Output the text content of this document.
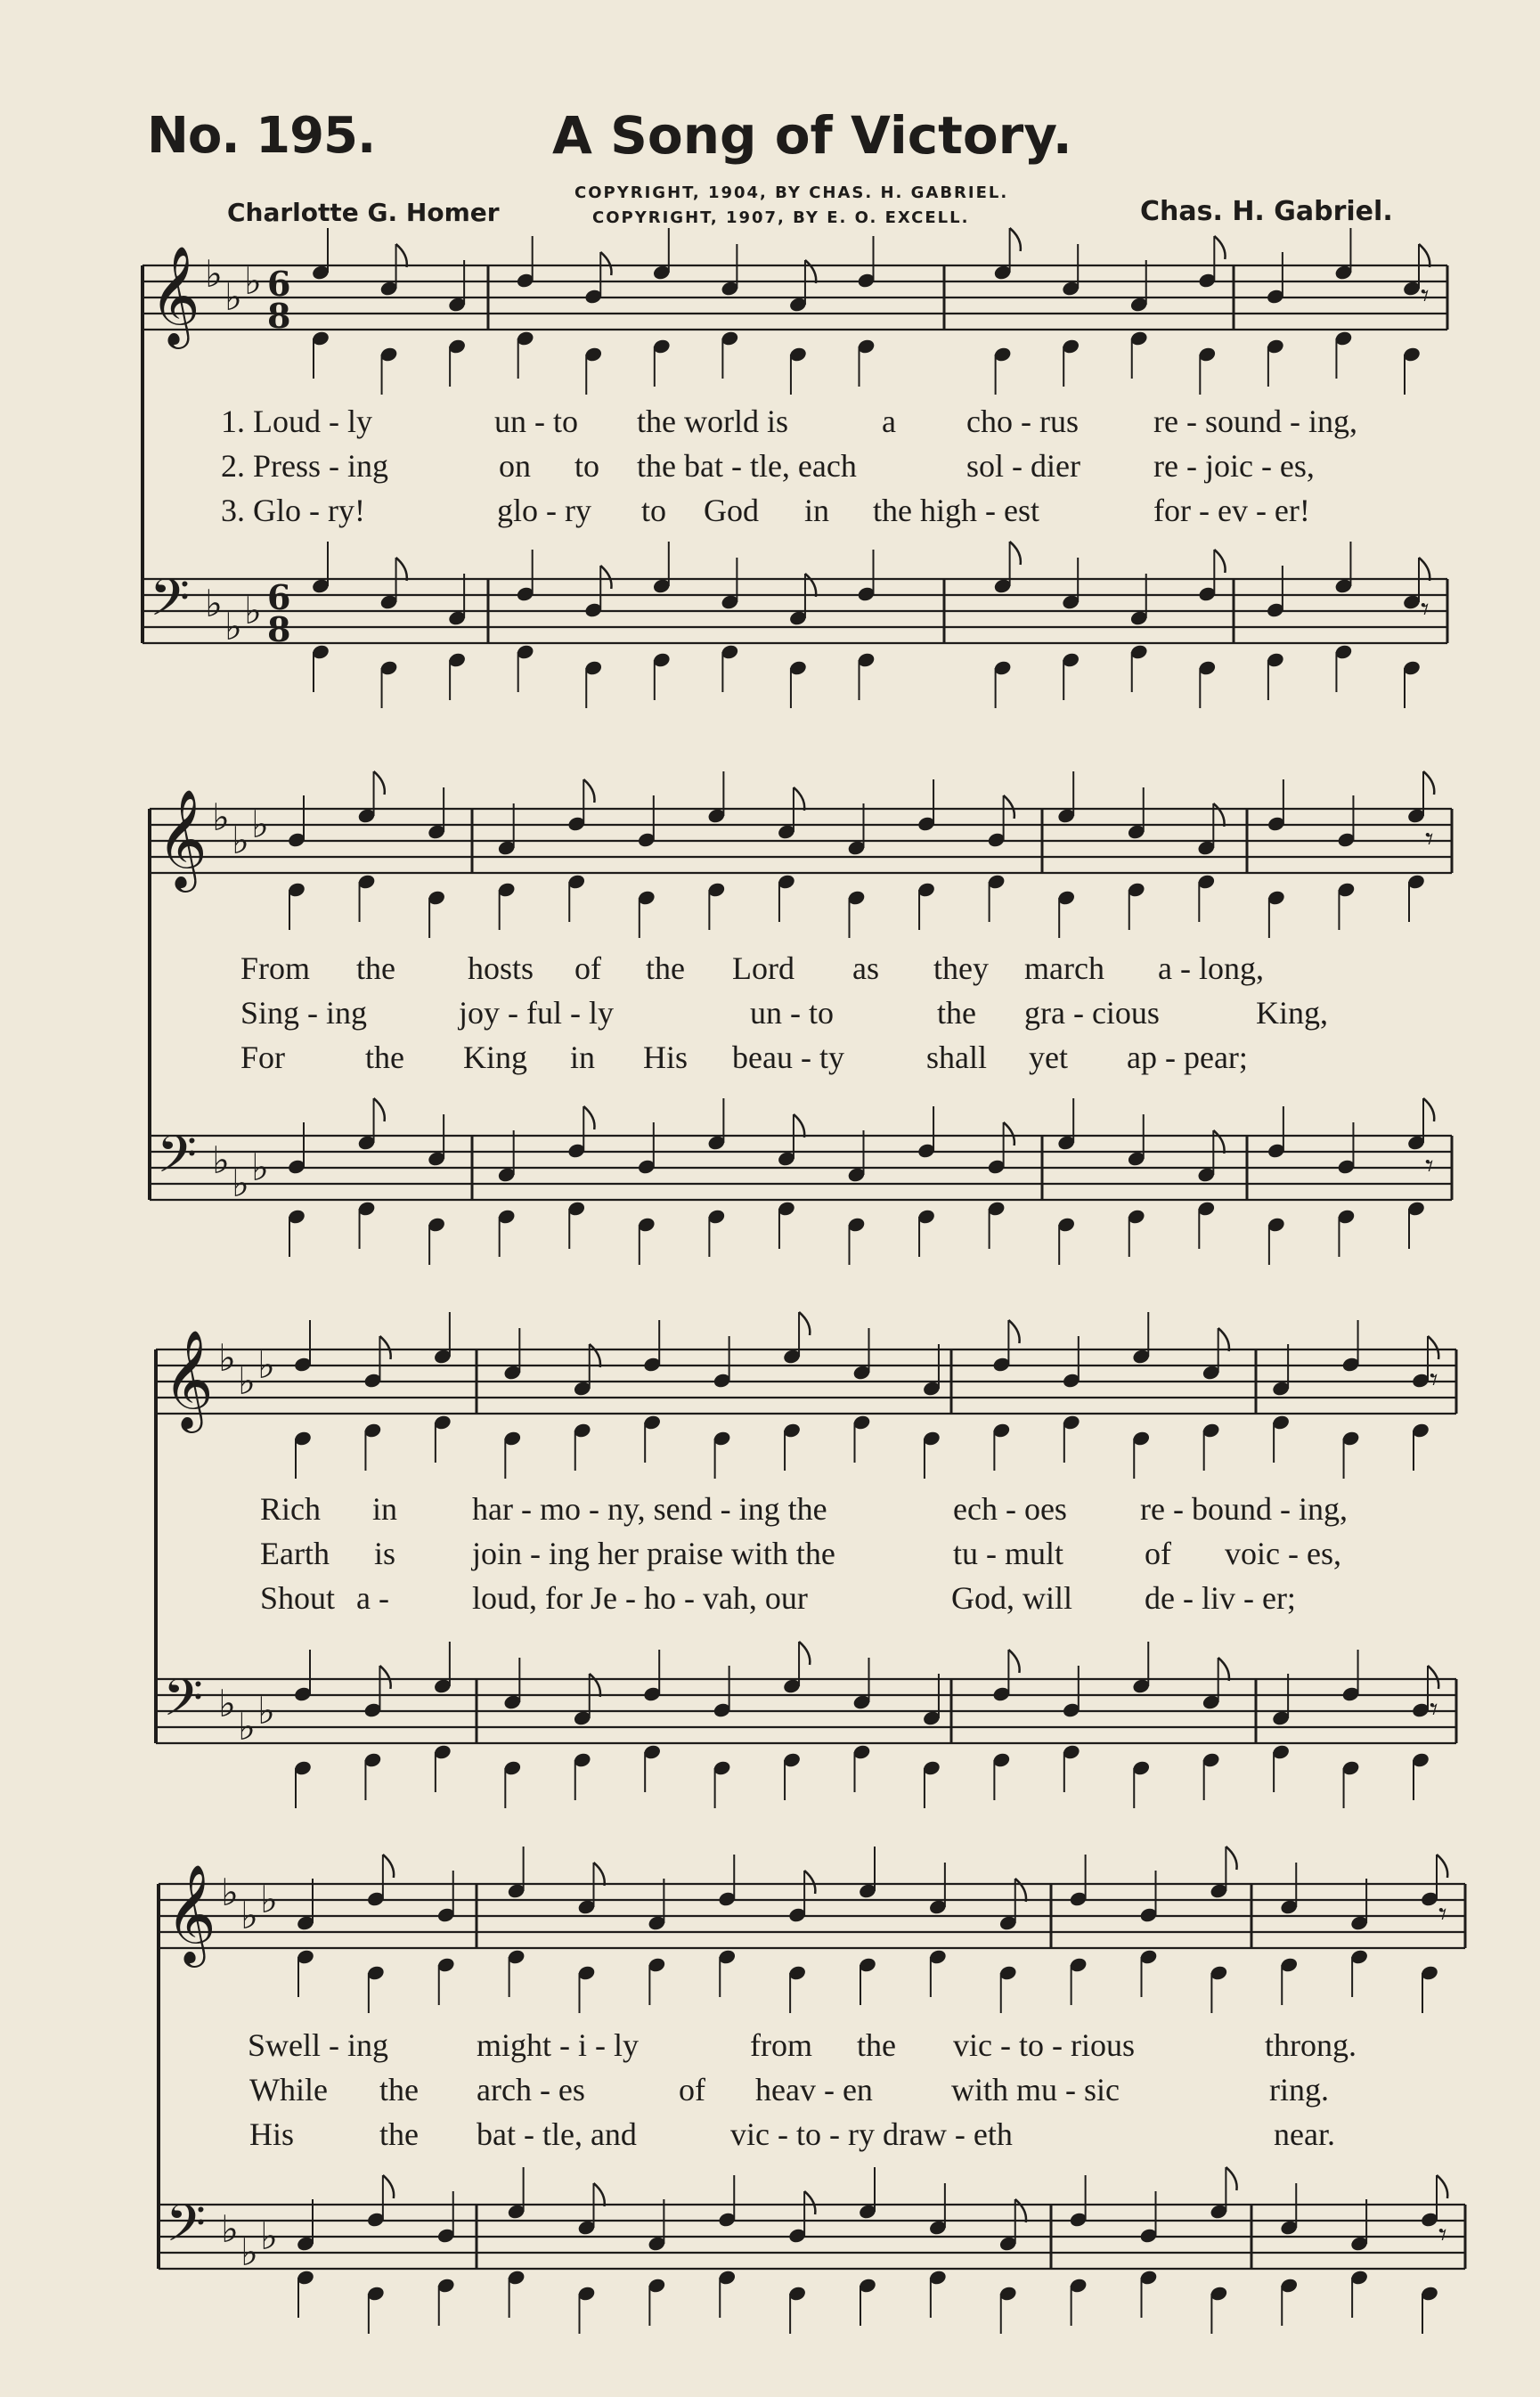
No. 195.	A Song of Victory.
Charlotte G. Homer	Chas. H. Gabriel.
COPYRIGHT, 1904, BY CHAS. H. GABRIEL.
COPYRIGHT, 1907, BY E. O. EXCELL.
𝄞 ♭
♭ ♭ 6
8	𝄾
𝄢 ♭
♭ ♭ 6
8	𝄾
𝄞 ♭
♭ ♭	𝄾
𝄢 ♭
♭ ♭	𝄾
𝄞 ♭
♭ ♭	𝄾
𝄢 ♭
♭ ♭	𝄾
𝄞 ♭
♭ ♭	𝄾
𝄢 ♭
♭ ♭	𝄾
1. Loud - ly	un - to the world is	a cho - rus re - sound - ing,
2. Press - ing	on to the bat - tle, each	sol - dier re - joic - es,
3. Glo - ry!	glo - ry to God in the high - est	for - ev - er!
From the hosts of the Lord as they march a - long,
Sing - ing	joy - ful - ly	un - to	the gra - cious	King,
For the King in His beau - ty	shall yet ap - pear;
Rich in har - mo - ny, send - ing the	ech - oes re - bound - ing,
Earth is join - ing her praise with the	tu - mult	of voic - es,
Shout a -	loud, for Je - ho - vah, our	God, will de - liv - er;
Swell - ing	might - i - ly	from the vic - to - rious	throng.
While the arch - es	of heav - en with mu - sic	ring.
His	the bat - tle, and	vic - to - ry draw - eth	near.
